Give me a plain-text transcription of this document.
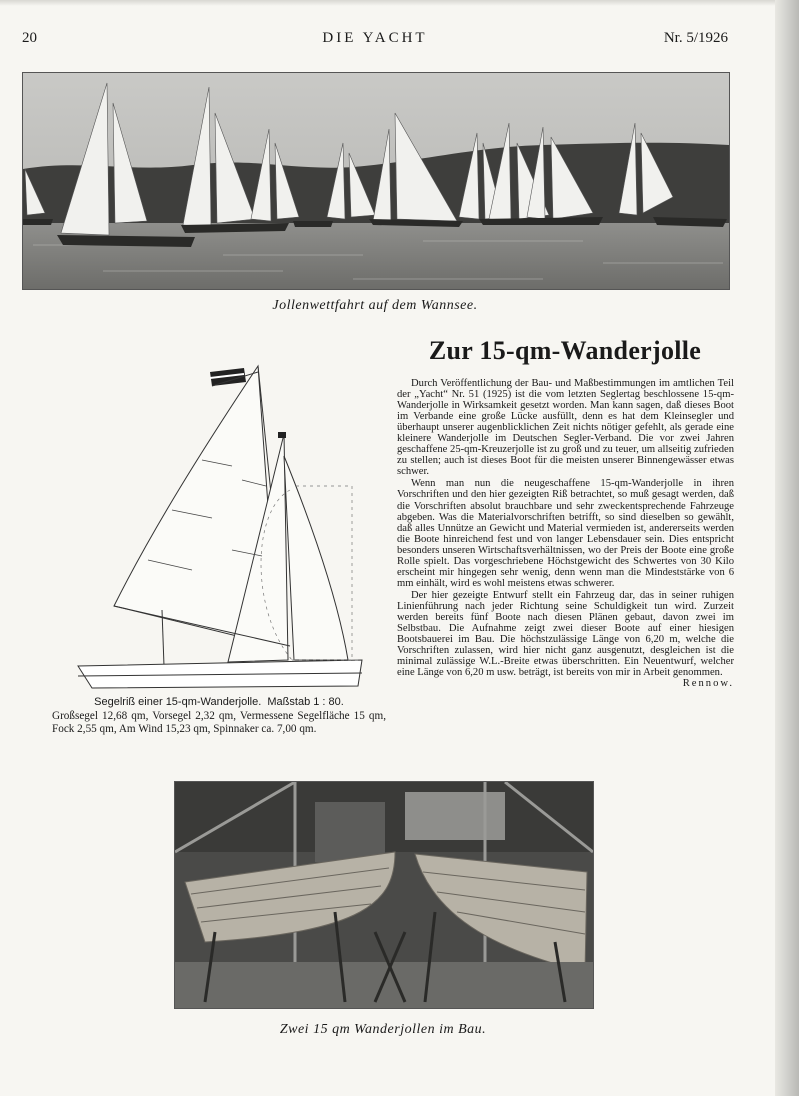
20	DIE YACHT	Nr. 5/1926
Jollenwettfahrt auf dem Wannsee.
Segelriß einer 15-qm-Wanderjolle. Maßstab 1 : 80.
Großsegel 12,68 qm, Vorsegel 2,32 qm, Vermessene Segelfläche 15 qm, Fock 2,55 qm, Am Wind 15,23 qm, Spinnaker ca. 7,00 qm.
Zur 15-qm-Wanderjolle

Durch Veröffentlichung der Bau- und Maßbestimmungen im amtlichen Teil der „Yacht“ Nr. 51 (1925) ist die vom letzten Seglertag beschlossene 15-qm-Wanderjolle in Wirksamkeit gesetzt worden. Man kann sagen, daß dieses Boot im Verbande eine große Lücke ausfüllt, denn es hat dem Kleinsegler und überhaupt unserer augenblicklichen Zeit nichts nötiger gefehlt, als gerade eine kleinere Wanderjolle im Deutschen Segler-Verband. Die vor zwei Jahren geschaffene 25-qm-Kreuzerjolle ist zu groß und zu teuer, um allseitig zufrieden zu stellen; auch ist dieses Boot für die meisten unserer Binnengewässer etwas schwer.

Wenn man nun die neugeschaffene 15-qm-Wanderjolle in ihren Vorschriften und den hier gezeigten Riß betrachtet, so muß gesagt werden, daß die Vorschriften absolut brauchbare und sehr zweckentsprechende Fahrzeuge abgeben. Was die Materialvorschriften betrifft, so sind dieselben so gewählt, daß alles Unnütze an Gewicht und Material vermieden ist, andererseits werden die Boote hinreichend fest und von langer Lebensdauer sein. Dies entspricht besonders unseren Wirtschaftsverhältnissen, wo der Preis der Boote eine große Rolle spielt. Das vorgeschriebene Höchstgewicht des Schwertes von 30 Kilo erscheint mir hingegen sehr wenig, denn wenn man die Mindeststärke von 6 mm einhält, wird es wohl meistens etwas schwerer.

Der hier gezeigte Entwurf stellt ein Fahrzeug dar, das in seiner ruhigen Linienführung nach jeder Richtung seine Schuldigkeit tun wird. Zurzeit werden bereits fünf Boote nach diesen Plänen gebaut, davon zwei im Selbstbau. Die Aufnahme zeigt zwei dieser Boote auf einer hiesigen Bootsbauerei im Bau. Die höchstzulässige Länge von 6,20 m, welche die Vorschriften zulassen, wird hier nicht ganz ausgenutzt, desgleichen ist die minimal zulässige W.L.-Breite etwas überschritten. Ein Neuentwurf, welcher eine Länge von 6,20 m usw. beträgt, ist bereits von mir in Arbeit genommen.
Rennow.

Zwei 15 qm Wanderjollen im Bau.
